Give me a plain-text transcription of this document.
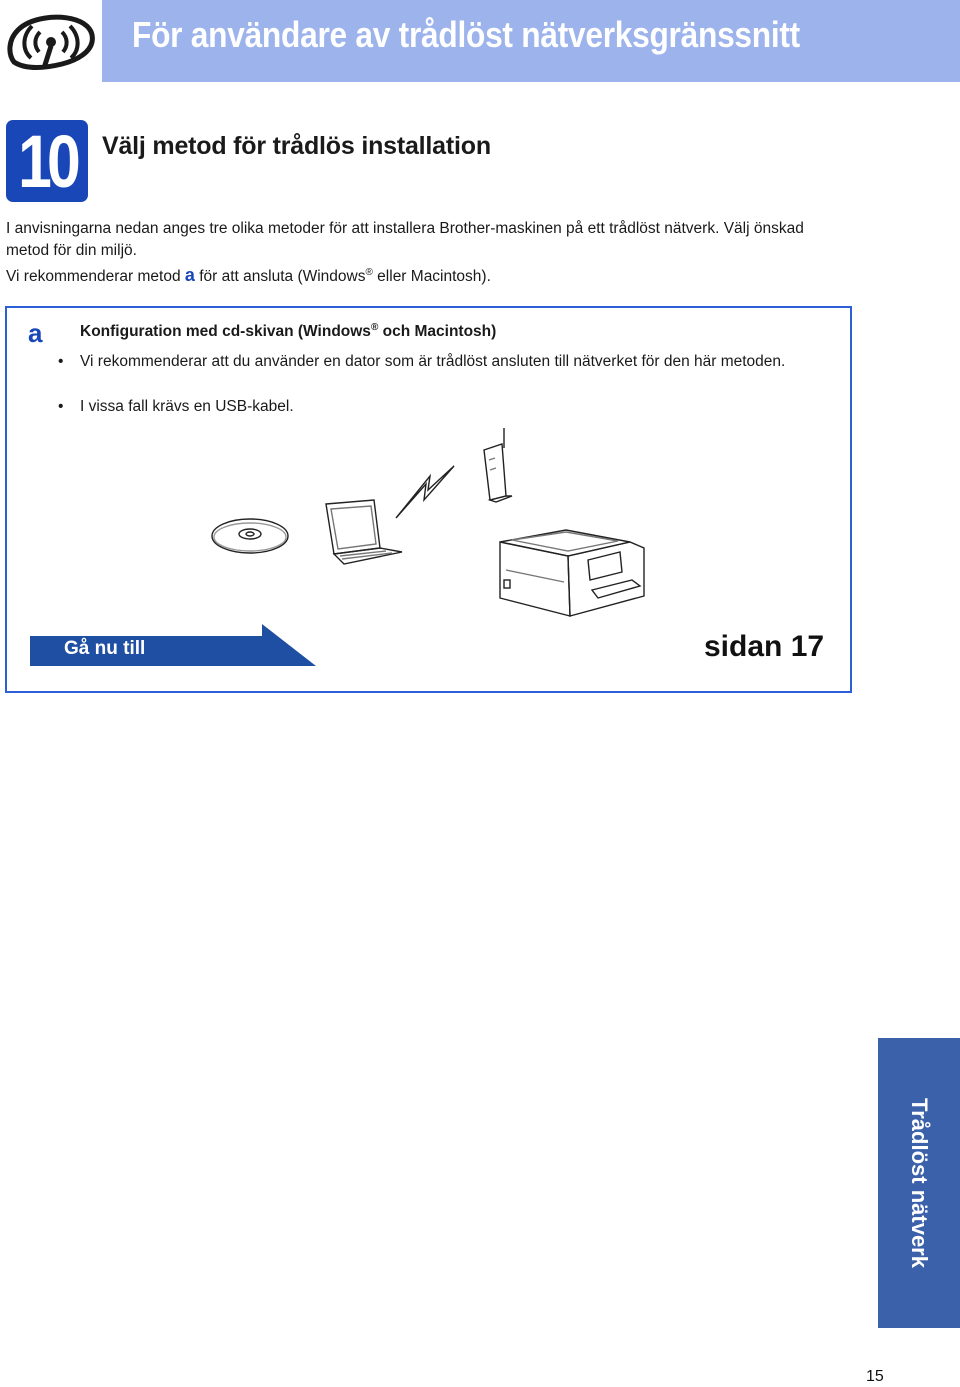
För användare av trådlöst nätverksgränssnitt
10 Välj metod för trådlös installation
I anvisningarna nedan anges tre olika metoder för att installera Brother-maskinen på ett trådlöst nätverk. Välj önskad metod för din miljö.
Vi rekommenderar metod a för att ansluta (Windows® eller Macintosh).
a Konfiguration med cd-skivan (Windows® och Macintosh)
• Vi rekommenderar att du använder en dator som är trådlöst ansluten till nätverket för den här metoden.
• I vissa fall krävs en USB-kabel.
Gå nu till	sidan 17
Trådlöst nätverk
15
